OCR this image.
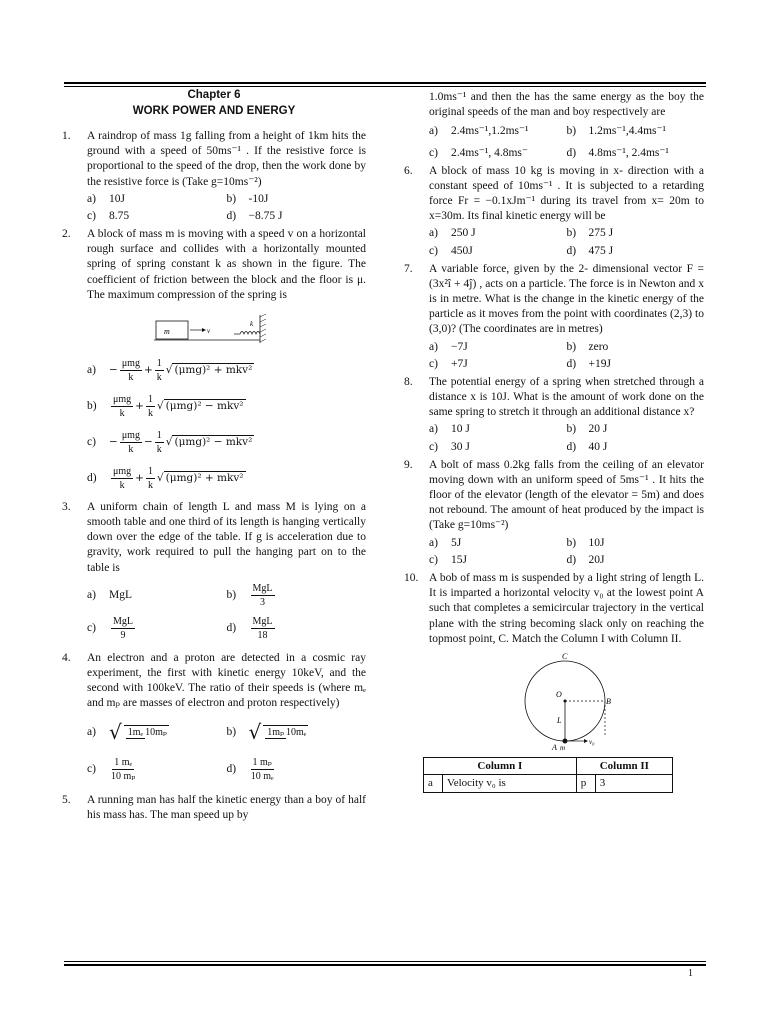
Chapter 6
WORK POWER AND ENERGY
1.	A raindrop of mass 1g falling from a height of 1km hits the ground with a speed of 50ms⁻¹ . If the resistive force is proportional to the speed of the drop, then the work done by the resistive force is (Take g=10ms⁻²)
a)	10J	b)	-10J
c)	8.75	d)	−8.75 J
2.	A block of mass m is moving with a speed v on a horizontal rough surface and collides with a horizontally mounted spring of spring constant k as shown in the figure. The coefficient of friction between the block and the floor is μ. The maximum compression of the spring is
m	v
k
a)	− $\frac{\text{μmg}}{k} + \frac{1}{k}$ √ (μmg)² + mkv²
b)	$\frac{\text{μmg}}{k} + \frac{1}{k}$ √ (μmg)² − mkv²
c)	− $\frac{\text{μmg}}{k} - \frac{1}{k}$ √ (μmg)² − mkv²
d)	$\frac{\text{μmg}}{k} + \frac{1}{k}$ √ (μmg)² + mkv²
3.	A uniform chain of length L and mass M is lying on a smooth table and one third of its length is hanging vertically down over the edge of the table. If g is acceleration due to gravity, work required to pull the hanging part on to the table is
a)	MgL	b)	$\frac{\text{MgL}}{3}$
c)	$\frac{\text{MgL}}{9}$	d)	$\frac{\text{MgL}}{18}$
4.	An electron and a proton are detected in a cosmic ray experiment, the first with kinetic energy 10keV, and the second with 100keV. The ratio of their speeds is (where mₑ and mₚ are masses of electron and proton respectively)
a) √ 1mₑ 10mₚ	b) √ 1mₚ 10mₑ
c)	$\frac{\text{1 mₑ}}{\text{10 mₚ}}$	d)	$\frac{\text{1 mₚ}}{\text{10 mₑ}}$
5.	A running man has half the kinetic energy than a boy of half his mass has. The man speed up by
1.0ms⁻¹ and then the has the same energy as the boy the original speeds of the man and boy respectively are
a)	2.4ms⁻¹,1.2ms⁻¹	b)	1.2ms⁻¹,4.4ms⁻¹
c)	2.4ms⁻¹, 4.8ms⁻	d)	4.8ms⁻¹, 2.4ms⁻¹
6.	A block of mass 10 kg is moving in x- direction with a constant speed of 10ms⁻¹ . It is subjected to a retarding force Fr = −0.1xJm⁻¹ during its travel from x= 20m to x=30m. Its final kinetic energy will be
a)	250 J	b)	275 J
c)	450J	d)	475 J
7.	A variable force, given by the 2- dimensional vector F = (3x²î + 4ĵ) , acts on a particle. The force is in Newton and x is in metre. What is the change in the kinetic energy of the particle as it moves from the point with coordinates (2,3) to (3,0)? (The coordinates are in metres)
a)	−7J	b)	zero
c)	+7J	d)	+19J
8.	The potential energy of a spring when stretched through a distance x is 10J. What is the amount of work done on the same spring to stretch it through an additional distance x?
a)	10 J	b)	20 J
c)	30 J	d)	40 J
9.	A bolt of mass 0.2kg falls from the ceiling of an elevator moving down with an uniform speed of 5ms⁻¹ . It hits the floor of the elevator (length of the elevator = 5m) and does not rebound. The amount of heat produced by the impact is (Take g=10ms⁻²)
a)	5J	b)	10J
c)	15J	d)	20J
10. A bob of mass m is suspended by a light string of length L. It is imparted a horizontal velocity v₀ at the lowest point A such that completes a semicircular trajectory in the vertical plane with the string becoming slack only on reaching the topmost point, C. Match the Column I with Column II.
C
O
B
L
v₀
A m
Column I		Column II	
a	Velocity v₀ is	p	3
1
